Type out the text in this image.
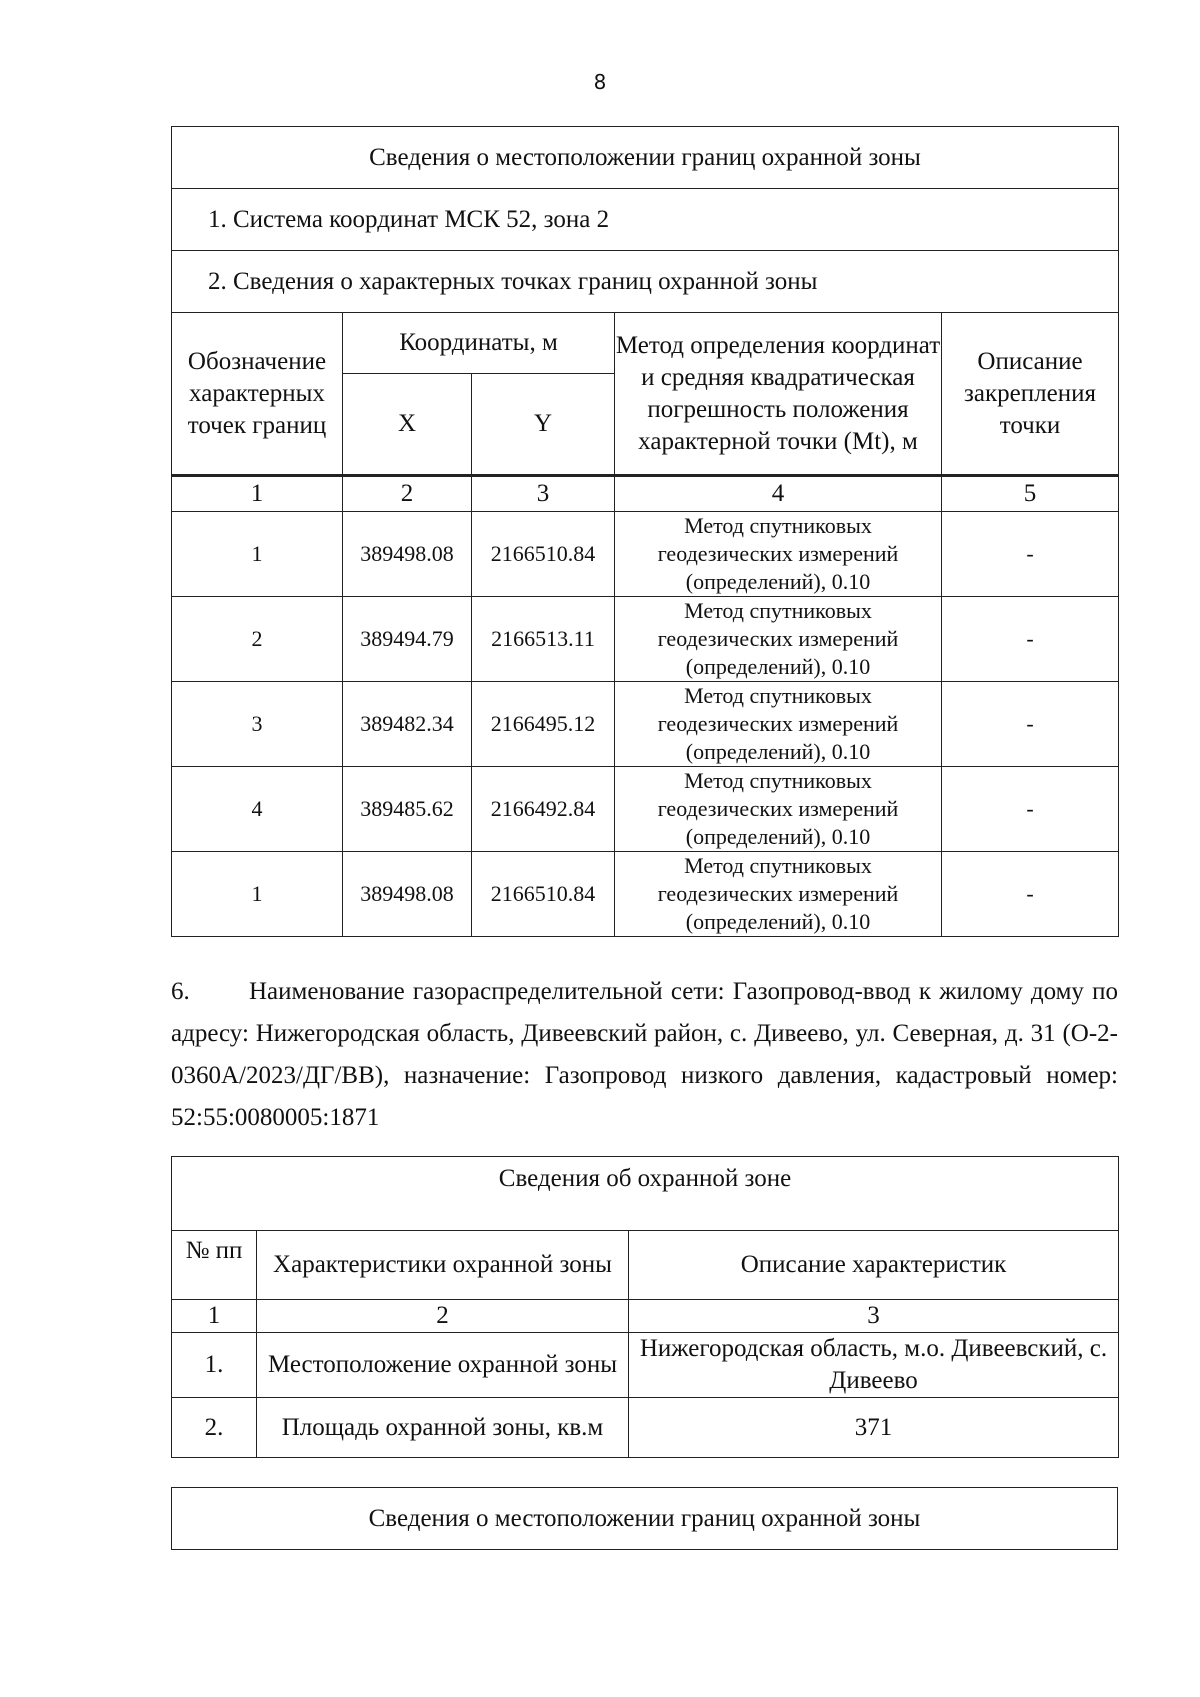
8
Сведения о местоположении границ охранной зоны				
1. Система координат МСК 52, зона 2				
2. Сведения о характерных точках границ охранной зоны				
Обозначение характерных точек границ	Координаты, м		Метод определения координат и средняя квадратическая погрешность положения характерной точки (Mt), м	Описание закрепления точки
	X	Y		
1	2	3	4	5
1	389498.08	2166510.84	Метод спутниковых геодезических измерений (определений), 0.10	-
2	389494.79	2166513.11	Метод спутниковых геодезических измерений (определений), 0.10	-
3	389482.34	2166495.12	Метод спутниковых геодезических измерений (определений), 0.10	-
4	389485.62	2166492.84	Метод спутниковых геодезических измерений (определений), 0.10	-
1	389498.08	2166510.84	Метод спутниковых геодезических измерений (определений), 0.10	-
6. Наименование газораспределительной сети: Газопровод-ввод к жилому дому по адресу: Нижегородская область, Дивеевский район, с. Дивеево, ул. Северная, д. 31 (О-2-0360А/2023/ДГ/ВВ), назначение: Газопровод низкого давления, кадастровый номер: 52:55:0080005:1871
Сведения об охранной зоне		
№ пп	Характеристики охранной зоны	Описание характеристик
1	2	3
1.	Местоположение охранной зоны	Нижегородская область, м.о. Дивеевский, с. Дивеево
2.	Площадь охранной зоны, кв.м	371
Сведения о местоположении границ охранной зоны
